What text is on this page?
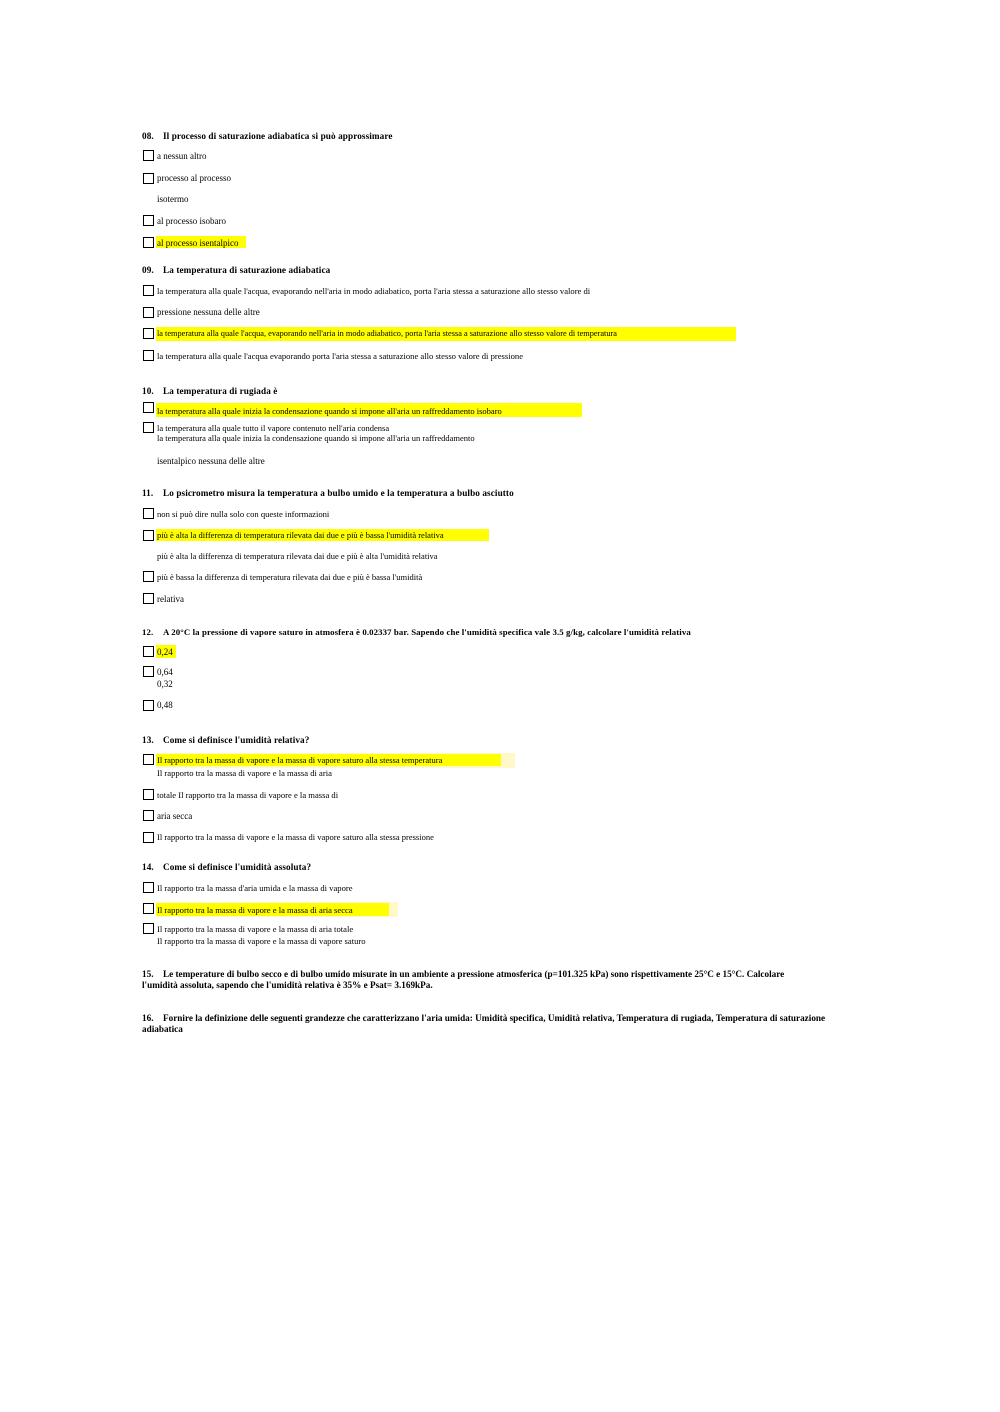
08. Il processo di saturazione adiabatica si può approssimare
a nessun altro
processo al processo
isotermo
al processo isobaro
al processo isentalpico
09. La temperatura di saturazione adiabatica
la temperatura alla quale l'acqua, evaporando nell'aria in modo adiabatico, porta l'aria stessa a saturazione allo stesso valore di
pressione nessuna delle altre
la temperatura alla quale l'acqua, evaporando nell'aria in modo adiabatico, porta l'aria stessa a saturazione allo stesso valore di temperatura
la temperatura alla quale l'acqua evaporando porta l'aria stessa a saturazione allo stesso valore di pressione
10. La temperatura di rugiada è
la temperatura alla quale inizia la condensazione quando si impone all'aria un raffreddamento isobaro
la temperatura alla quale tutto il vapore contenuto nell'aria condensa
la temperatura alla quale inizia la condensazione quando si impone all'aria un raffreddamento
isentalpico nessuna delle altre
11. Lo psicrometro misura la temperatura a bulbo umido e la temperatura a bulbo asciutto
non si può dire nulla solo con queste informazioni
più è alta la differenza di temperatura rilevata dai due e più è bassa l'umidità relativa
più è alta la differenza di temperatura rilevata dai due e più è alta l'umidità relativa
più è bassa la differenza di temperatura rilevata dai due e più è bassa l'umidità
relativa
12. A 20°C la pressione di vapore saturo in atmosfera è 0.02337 bar. Sapendo che l'umidità specifica vale 3.5 g/kg, calcolare l'umidità relativa
0,24
0,64
0,32
0,48
13. Come si definisce l'umidità relativa?
Il rapporto tra la massa di vapore e la massa di vapore saturo alla stessa temperatura
Il rapporto tra la massa di vapore e la massa di aria
totale Il rapporto tra la massa di vapore e la massa di
aria secca
Il rapporto tra la massa di vapore e la massa di vapore saturo alla stessa pressione
14. Come si definisce l'umidità assoluta?
Il rapporto tra la massa d'aria umida e la massa di vapore
Il rapporto tra la massa di vapore e la massa di aria secca
Il rapporto tra la massa di vapore e la massa di aria totale
Il rapporto tra la massa di vapore e la massa di vapore saturo
15. Le temperature di bulbo secco e di bulbo umido misurate in un ambiente a pressione atmosferica (p=101.325 kPa) sono rispettivamente 25°C e 15°C. Calcolare l'umidità assoluta, sapendo che l'umidità relativa è 35% e Psat= 3.169kPa.
16. Fornire la definizione delle seguenti grandezze che caratterizzano l'aria umida: Umidità specifica, Umidità relativa, Temperatura di rugiada, Temperatura di saturazione adiabatica
